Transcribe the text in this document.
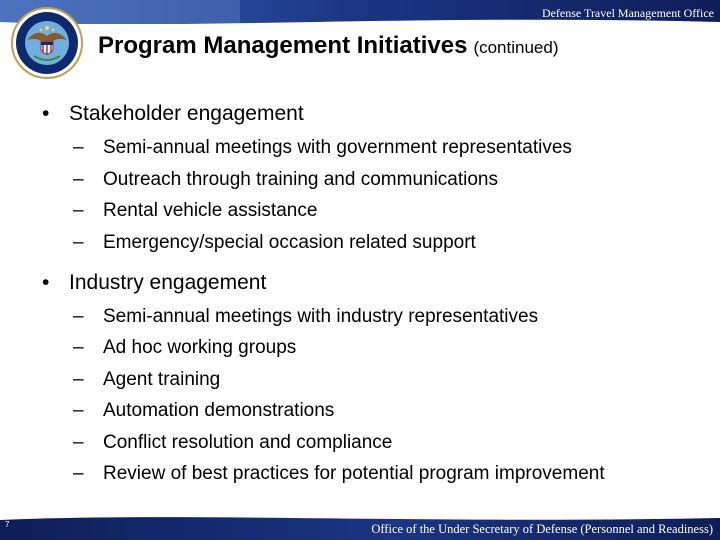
Defense Travel Management Office
Program Management Initiatives (continued)
• Stakeholder engagement
– Semi-annual meetings with government representatives
– Outreach through training and communications
– Rental vehicle assistance
– Emergency/special occasion related support
• Industry engagement
– Semi-annual meetings with industry representatives
– Ad hoc working groups
– Agent training
– Automation demonstrations
– Conflict resolution and compliance
– Review of best practices for potential program improvement
7	Office of the Under Secretary of Defense (Personnel and Readiness)
